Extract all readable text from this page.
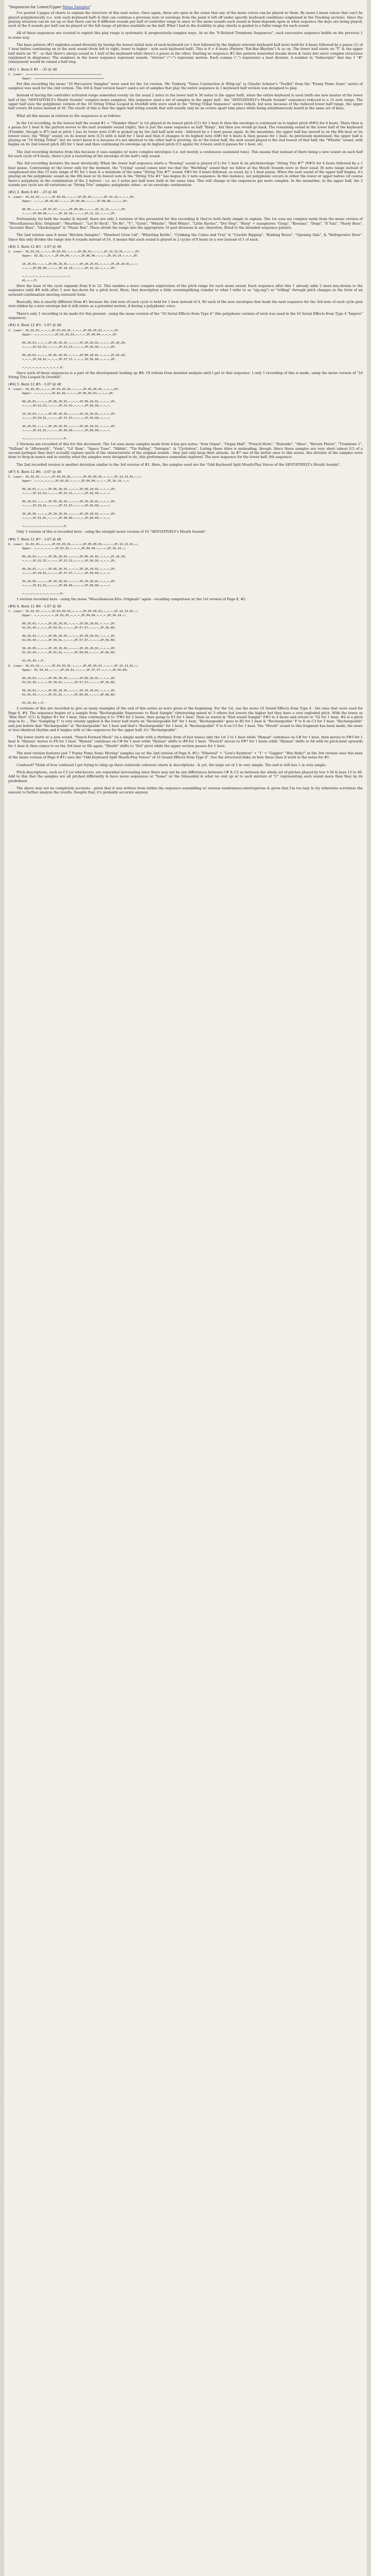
"Sequences for Lower/Upper Mono Samples"

I've posted 3 pages of charts to explain the structure of this next series. Once again, these are open in the sense that any of the mono voices can be played w/ them. By mono I mean voices that can't be played polyphonically (i.e. w/in each keyboard half) & that can continue a previous note or envelope from the point it left off under specific keyboard conditions (explained in the Tracking section). Since the playing situation can be set up so that there can be 8 different sounds per half of controller range & since w/ the mono sounds each sound in band depends upon in what sequence the keys are being played, each of the 8 sounds per half can be played w/ the full range of pitches available on the half. What I had in the livability to play chords is guided to a fuller range for each sound.

All of these sequences are created to exploit this play range is systematic & progressively-complex ways. As w/ the "8 Related Trombone Sequences", each successive sequence builds on the previous 1 in some way.

The base pattern (#1) explodes sound diversity by having the lowest initial note of each keyboard (or 1 foot followed by the highest relevant keyboard half note) held for 4 beats followed by a pause (1) of 1 beat before continuing on to the next sound (from left to right, lower to higher - w/in each keyboard half). This is 8 × 8 beats (Pattern "Ext-Bar Rhythm") & so on. The lower half starts on "T" & the upper half starts on "8" - so that there's always sound in 1 half of the keyboard while there's a pause in the other. Starting w/ sequence #2 this pattern somewhat breaks down & turns into more complex structures (explained in diagrams). The numbers in the lower sequence represent sounds. "Arrows" ("→") represent motion. Each comma (",") represents a beat division. A number in "Subscripts" that has 1 "#" (sharpened) would be raised a half step.

(#2) 1. Born 8 #1 - :35 @ 48
1. Lower: ̱→→→→→→→→→→→→→→→→→→→→→→→→→→→→→→→→→→→→→→→→→→→;
Upper: →→→→→→→→→→→→→→→→→→→→→→→→→→→→→→→→→→→→→→→→

For this recording the mono "16 Percussive Samples" were used for the 1st version. Mr. Tenberg "Tense Contraction & Whip-up" (a Claudio Scheier's "Toolkit" from the "Funny Pomo Sonic" series of samples) was used for the 2nd version. The 3rd & final version hasn't used a set of samples that play the entire sequence in 1 keyboard half version was designed to play.

Instead of having the controller activated range somewhat evenly (in the usual 2 notes to the lower half & 36 notes to the upper half), when the entire keyboard is used (with one new master of the lower half of the "SENTATIVELY's Mouth Sounds" complex mono samples), this sequence used a set of samples in the upper half - the "SENTATIVELY's Mouth Sounds" sequence) reduced to a 15 note range. The upper half uses the polyphonic version of the 16 String Tribal Looped in Overkill with were used in the "String Tribal Sequence" series (which, but now, because of the reduced lower half range, the upper half covers 48 notes instead of 36. The result of this is that the upper half string sounds that will usually only be an octave apart take place while being simultaneously heard in the same set of keys.

What all this means in relation to the sequences is as follows:

In the 1st recording, in the lowest half the sound #1 = "Thunder Sheet" is 1st played at its lowest pitch (C1) for 1 beat & then the envelope is continued on to higher pitch (F#2) for 4 beats. There then is a pause for 1 beat & the pattern moves to the next available sound (right), this is just the same sequence as half "Rings", but then you would go back. The remaining sound in the lower half of the keyboard (Tremble, though is #7) and at pitch 1 has its lower note (C#) is picked up by the 2nd half next note - followed by a 1 beat pause again. In the meantime, the upper half has moved to on the 8th beat w/ its lowest voice, the "Whip" sound, on its lowest note (C3) with is held for 1 beat and then it changes to its highest note (D#) for 4 beats & then pauses for 1 beat. As previously mentioned, the upper half is playing on "16 String Tribal", but we won't know it is because it's not identical to the other half is pivoting. As w/ the lower half, the next sound played is the 2nd lowest of that half, the "Whistle" sound, with begins on its 2nd lowest pitch (B3 for 1 beat and then continuing its envelope up its highest pitch (C5 again) for 4 beats until it pauses for 1 beat, etc.

The 2nd recording deviates from this because it uses samples w/ more complex envelopes (i.e. not merely a continuous sustained tone). This means that instead of there being a new sound on each half for each cycle of 8 beats, there's just a restarting of the envelope of the half's only sound.

The 3rd recording deviates the most drastically. When the lower half sequence starts a "Rowing" sound is played (C1) for 1 beat & its pitch/envelope "String Trio #7" (F#3) for 4 beats followed by a 1 beat pause. Contrasting w/ the lower only for the moment, the "Crying" sound comes next too that the "Warbling" sound that we follow at the Mouth Sounds were in their usual 36 note range instead of compressed into this 15 note range of B1 for 1 beat & a minimum of the same "String Trio #7" sound; F#3 for 4 beats followed, as usual, by a 1 beat pause. When the next sound of the upper half begins, it's playing on the polyphonic sound on the 8th beat w/ its lowest note & the "String Trio #1" has begun its 1 note sequence. In this instance, not polyphonic occurs in either the lower or upper halves (of course there's polyphony in the combination of the 2 halves) - i.e. no 2 notes per half were held at the same time. This will change in the sequences get more complex. In the meantime, in the upper half, the 2 sounds per cycle are all variations on "String Trio" samples: polyphonic when - w/ no envelope continuation.

(#2) 2. Born 8 #2 - :25 @ 48
1. Lower: 01,01,01,→,→,→,2P,03,01,→,→,→,2P,05,01,→,→,→,2P,13,13,→,→,→,2P;
Upper: →,→,→,2P,02,02,→,→,→,2P,04,04,→,→,→,2P,06,06,→,→,→,2P;

05,05,→,→,→,2P,07,07,→,→,→,2P,09,09,→,→,→,2P,11,11,→,→,→,2P;
→,→,→,2P,08,08,→,→,→,2P,10,10,→,→,→,2P,12,12,→,→,→,2P;

Fortunately, for both the reader & myself, there are only 2 versions of this presented for this recording & they're both fairly simple to explain. The 1st uses my complex mode from the mono version of "Miscellaneous Kits: Originals": "Heartbeat", "Lot Er Rock", "Do Re", "T-", "Gyrin", "Whistle", "Bird Whine", "Little Ravine", "Dry Step", "Harp" + sunspheres "Gong", "Kiwiana", "Dega", "E Taxi", "Nasty Bass", "Acoustic Bass", "Glockenspiel" & "Music Box". These divide the range into the appropriate 16 part divisions & are, therefore, fitted to the intended sequence pattern.

The 2nd version uses 8 mono "Kitchen Samples": "Pinwheel Grow Lid", "Whistling Kettle", "Crinking the Cubes and Tray" & "Crackle Ripping", "Kinking Roses", "Opening Sale", & "Refrigerator Door". Since this only divides the range into 8 sounds instead of 16, it means that each sound is played in 2 cycles of 8 beats in a row instead of 1 of each.

(#4) 3. Born 12 #3 - 1:07 @ 48
2. Lower: 01,01,01,→,→,→,2P,03,03,→,→,→,2P,05,01,→,→,→,2P,13,13,01,→,→,→,2P;
Upper: 02,02,→,→,→,2P,04,04,→,→,→,2P,06,06,→,→,→,2P,14,14,→,→,→,2P;

16,20,01,→,→,→,2P,05,20,01,→,→,→,2P,20,20,01,→,→,→,2P,20,20,01,→,→;
→,→,→,2P,08,08,→,→,→,2P,10,10,→,→,→,2P,12,12,→,→,→,2P;

→,→,→,→,→,→,→,→,→,→,→,→,→,→;
A1,→,→,P;

Here the base of the cycle expands from 8 to 12. This enables a more complex exploration of the pitch range for each mono sound. Each sequence after this 1 already adds 2 more key-downs to the sequence until #8 with after 1 new key-down for a pitch level. Here, that description a little oversimplifying (similar to what I refer to as "zig-zag") w/ "trilling" through pitch changes in the form of an outward continuation (moving outward) form.

Basically, this is exactly different from #1 because the 2nd note of each cycle is held for 1 beat instead of 4, W/ each of the new envelopes that leads the next sequence for the 3rd note of each cycle gets over-ridden by a new envelope but it still exists as a potential motion, if during a polyphonic voice.

There's only 1 recording to be made for this present - using the mono version of the "16 Serial Effects from Type 4" (the polyphonic version of wich was used in the 16 Serial Effects from Type 4 "Improv" sequence).

(#4) 4. Born 12 #3 - 1:07 @ 48
3. Lower: 01,01,01,→,→,→,2P,03,03,01,→,→,→,2P,05,05,01,→,→,→,2P;
Upper: →,→,→,→,→,→,2P,02,02,01,→,→,→,2P,04,04,→,→,→,2P;

09,20,01,→,→,→,2P,05,20,01,→,→,→,2P,20,20,01,→,→,→,2P,20,20;
→,→,→,2P,52,52,→,→,→,2P,51,51,→,→,→,2P,56,56,→,→,→,2P;

09,20,01,→,→,→,2P,05,20,01,→,→,→,2P,09,20,01,→,→,→,2P,20,20;
→,→,→,2P,59,61,→,→,→,2P,57,57,→,→,→,2P,56,60,→,→,→,2P;

→,→,→,→,→,→,→,→,→,→,→,P;

Since each of these sequences is a part of the development leading up #8, I'll refrain from detailed analysis until I get to that sequence. I only 1 recording of this is made, using the mono version of "16 String Trio Looped In Overkill".

(#6) 5. Born 12 #5 - 1:07 @ 48
4. Lower: 01,01,01,→,→,→,2P,03,03,01,→,→,→,2P,05,05,01,→,→,→,2P;
Upper: →,→,→,→,→,2P,02,02,→,→,→,2P,04,04,01,→,→,→,2P;

09,20,01,→,→,→,2P,05,20,01,→,→,→,2P,09,20,01,→,→,→,2P;
→,→,→,2P,52,52,→,→,→,2P,51,51,→,→,→,2P,56,56,→,→,→;

16,20,01,→,→,→,2P,05,20,01,→,→,→,2P,20,20,01,→,→,→,2P;
→,→,→,2P,59,61,→,→,→,2P,57,57,→,→,→,2P,56,60,→,→,→;

34,20,05,→,→,→,2P,20,20,01,→,→,→,2P,20,20,01,→,→,→,2P;
→,→,→,2P,61,61,→,→,→,2P,60,60,→,→,→,2P,60,60,→,→,→;

→,→,→,→,→,→,→,→,→,→,→,→,P;

2 Versions are recorded of this for this document. The 1st uses mono samples made from 4-key-pre notes: "Iron Organ", "Organ Hall", "French Horn", "Reinside", "Oboe", "Return Flutes", "Trombone 1", "Valliam" & "Aftermuth", "Viole", "Lil' Ram", "Space Tune", "Dibble", "Tin Falling", "Intrigue", & "Cyclotron". Listing these titles is misleading, though. Since these samples are very short (about 0.5 of a second perhaps) they don't actually capture much of the characteristic of the original sounds - they just only keep their attacks. As #7 one of the better ones to this series, this division of the samples were done to drop-in nonce and in overlay what the samples were designed to do, this performance somewhat explored. The new sequence for the lower half, 0th sequence.

The 2nd recorded version is another deviation similar to the 3rd version of #1. Here, the samples used are the "Odd Keyboard Split Mouth-Play Voices of the SENTATIVELY's Mouth Sounds".

(#7) 6. Born 12 #6 - 1:07 @ 48
5. Lower: 01,01,01,→,→,→,2P,03,03,01,→,→,→,2P,05,05,01,→,→,→,2P,13,13,01,→,→;
Upper: →,→,→,→,→,→,2P,02,02,→,→,→,2P,04,04,→,→,→,2P,14,14,→,→;

09,20,01,→,→,→,2P,05,20,01,→,→,→,2P,09,20,01,→,→,→,2P;
→,→,→,2P,52,52,→,→,→,2P,51,51,→,→,→,2P,56,56,→,→,→;

09,20,01,→,→,→,2P,05,20,01,→,→,→,2P,20,20,01,→,→,→,2P;
→,→,→,2P,59,61,→,→,→,2P,57,57,→,→,→,2P,56,60,→,→,→;

34,20,05,→,→,→,2P,20,20,01,→,→,→,2P,20,20,01,→,→,→,2P;
→,→,→,2P,61,61,→,→,→,2P,60,60,→,→,→,2P,60,60,→,→,→;

→,→,→,→,→,→,→,→,→,→,→,→,P;

Only 1 version of this is recorded here - using the straight mono version of 16 "SENTATIVELY's Mouth Sounds".

(#8) 7. Born 12 #7 - 1:07 @ 48
6. Lower: 01,01,01,→,→,→,2P,03,03,01,→,→,→,2P,05,05,01,→,→,→,2P,13,13,01,→;
Upper: →,→,→,→,→,→,2P,02,02,→,→,→,2P,04,04,→,→,→,2P,14,14,→;

09,20,01,→,→,→,2P,05,20,01,→,→,→,2P,09,20,01,→,→,→,2P,20,20;
→,→,→,2P,52,52,→,→,→,2P,51,51,→,→,→,2P,56,56,→,→,→,2P;

09,20,01,→,→,→,2P,05,20,01,→,→,→,2P,20,20,01,→,→,→,2P;
→,→,→,2P,59,61,→,→,→,2P,57,57,→,→,→,2P,56,60,→,→,→;

34,20,05,→,→,→,2P,20,20,01,→,→,→,2P,20,20,01,→,→,→,2P;
→,→,→,2P,61,61,→,→,→,2P,60,60,→,→,→,2P,60,60,→,→,→;

→,→,→,→,→,→,→,→,→,→,→,P;

1 version recorded here - using the mono "Miscellaneous Kits: Originals" again - recalling comparison w/ the 1st version of Page 8, #2.

(#9) 8. Born 12 #8 - 1:07 @ 48
7. Lower: 01,01,01,→,→,→,2P,03,03,01,→,→,→,2P,05,05,01,→,→,→,2P,13,13,01,→;
Upper: →,→,→,→,→,→,2P,02,02,→,→,→,2P,04,04,→,→,→,2P,14,14,→;

09,20,01,→,→,→,2P,05,20,01,→,→,→,2P,09,20,01,→,→,→,2P;
61,54,43,→,→,→,2P,59,61,→,→,→,2P,57,57,→,→,→,2P,56,60;

09,20,01,→,→,→,2P,05,20,01,→,→,→,2P,20,20,01,→,→,→,2P;
61,54,43,→,→,→,2P,59,61,→,→,→,2P,57,57,→,→,→,2P,56,60;

34,20,05,→,→,→,2P,20,20,01,→,→,→,2P,20,20,01,→,→,→,2P;
61,54,43,→,→,→,2P,61,61,→,→,→,2P,60,60,→,→,→,2P,60,60;

61,54,43,→,P;
8. Lower: 01,01,01,→,→,→,2P,03,03,01,→,→,→,2P,05,05,01,→,→,→,2P,13,13,01,→;
Upper: 61,54,43,→,→,→,2P,59,61,→,→,→,2P,57,57,→,→,→,2P,56,60;

09,20,01,→,→,→,2P,05,20,01,→,→,→,2P,09,20,01,→,→,→,2P;
61,54,43,→,→,→,2P,59,61,→,→,→,2P,57,57,→,→,→,2P,56,60;

09,20,01,→,→,→,2P,05,20,01,→,→,→,2P,20,20,01,→,→,→,2P;
61,54,43,→,→,→,2P,61,61,→,→,→,2P,60,60,→,→,→,2P,60,60;

61,54,43,→,P;

2 versions of this are recorded to give as many examples of the end of this series as were given at the beginning. For the 1st, use the mono 16 Sound Effects from Type 4 - the ones that were used for Page 8, #4. The sequence begins w/ a sample from "Rechargeable Supersonic to Rock Sample" (interesting mixed w/ 3 others but lowers the higher but they have a very exploded pitch. With the lower as "Rim Shot" (C1) & higher B+ for 1 beat, then continuing it to "F#3 for 2 beats, then going to F2 for 1 beat. Then as stated in "End sound Sample" F#3 to 4 beats and return to "S2 for 1 beat. #2 is a pitch step in it) ... The "Sampling 1" is very cleanly applied & the lower half starts on "Rechargeable Dd" for 1 beat, "Rechargeable" goes to B2 for 1 beat & "Rechargeable" F to 8 on C3 for 1 beat. "Rechargeable" and just before that "Rechargeable" at "Rechargeable" for 1 beat and that's "Rechargeable" for 1 beat, & "Rechargeable" F to 8 on C3 for 1 beat. The "Mouth" sound to this fragment has been made, the more or less identical rhythm and it begins with w/ the sequences for the upper half, it's "Rechargeable".

The lower starts w/ a new sound, "Nanch Formed Mech" (in a simple mode with a rhythmic form of fast tones) only the 1st 2 to 1 beat while "Hyman" continues on C# for 1 beat, then moves to F#3 for 1 beat & "Hyman" moves to F8 for 1 beat. "Hyman" continues on C# for 1 beat while "Hyman" shifts to #8 for 1 beat. "Stretch" moves to F#7 for 1 beats while "Hyman" shifts to A8 with its pitch-bent upwards for 1 beat & then comes to on the 3rd beat w/ Dh again. "Mouth" shifts to "Del" pivot while the upper section pauses for 1 beat.

The next version features just 7 Funny Pomo Sonic Moving" samples (as w/ the 2nd version of Page 8, #1): "Ethereal" + "Lion's Eyebrow" + "1" + "Giggler" "Hey Baby!" at the 3rd version uses this base of the mono version of Page 8 #1) uses the "Odd Keyboard Split Mouth-Play Voices" of 16 Sound Effects from Type 4". See the structural links on how these lines if work in the notes for #1.

Confused? Think of how confused I get trying to whip up these relatively coherent charts & descriptions - & yet, the large set of 1 in very simple. The end is still less 1 in very simple.

Pitch descriptions, such as C2 (or whichever), are somewhat inrevealing since there may not be any differences between C# & C2 as between the whole set of pitches played by low 3-30 & keys 15 to 48. Add to this that the samples are all pitched differently & have mono sequences or "Some" w/ the Sinusoidal & what we end up w/ is such mixture of "C" representing each sound more than they by its predefined.

The above may not be completely accurate - given that it was written from within the sequence assembling w/ various randomness-interruptions & given that I'm too lazy to try otherwise scrutinize the amount to further analyze the results. Despite that, it's probably accurate anyway.
